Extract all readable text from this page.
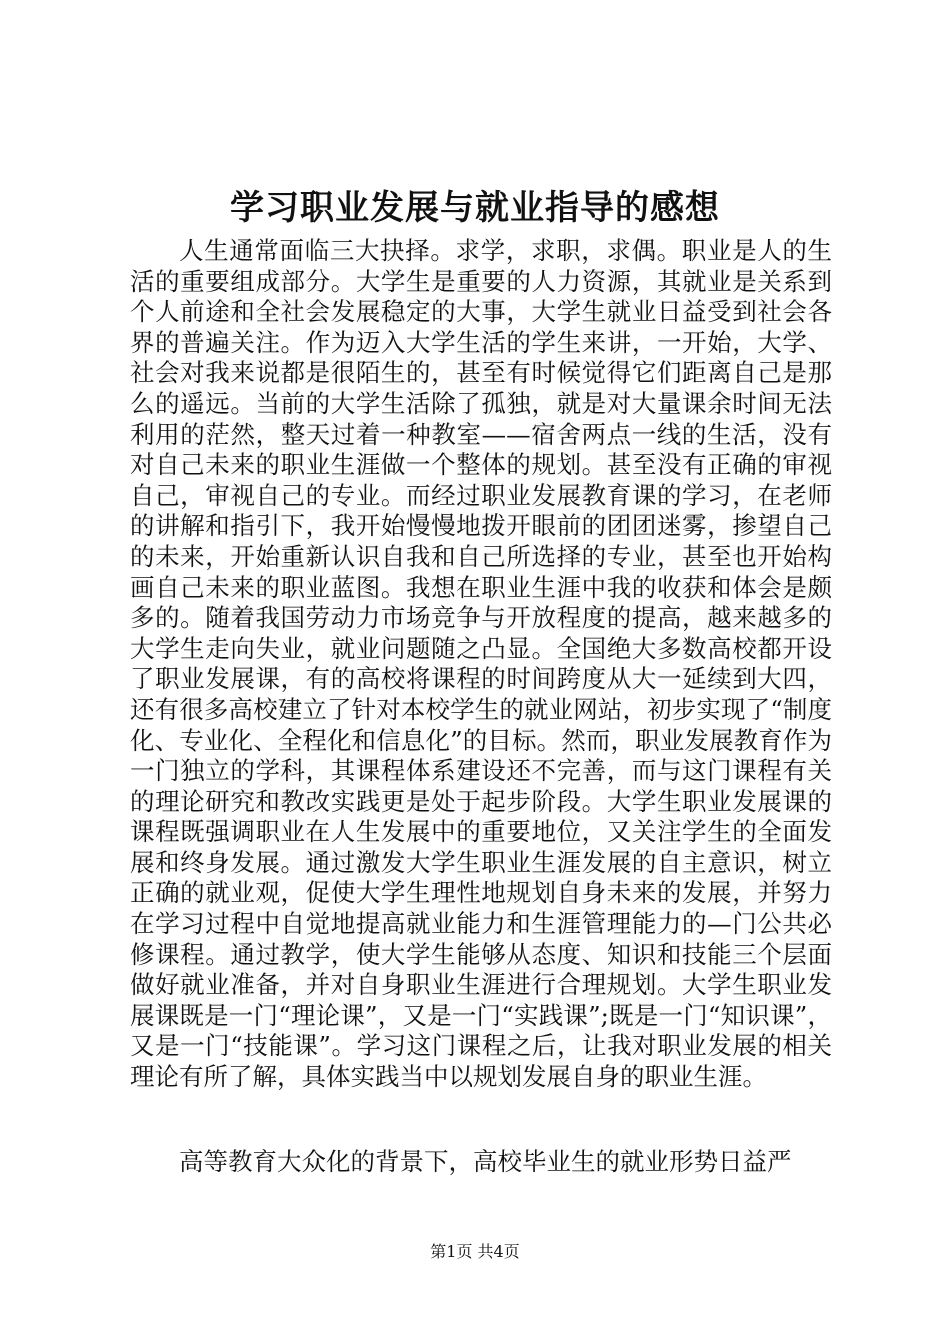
学习职业发展与就业指导的感想

人生通常面临三大抉择。求学，求职，求偶。职业是人的生活的重要组成部分。大学生是重要的人力资源，其就业是关系到个人前途和全社会发展稳定的大事，大学生就业日益受到社会各界的普遍关注。作为迈入大学生活的学生来讲，一开始，大学、社会对我来说都是很陌生的，甚至有时候觉得它们距离自己是那么的遥远。当前的大学生活除了孤独，就是对大量课余时间无法利用的茫然，整天过着一种教室——宿舍两点一线的生活，没有对自己未来的职业生涯做一个整体的规划。甚至没有正确的审视自己，审视自己的专业。而经过职业发展教育课的学习，在老师的讲解和指引下，我开始慢慢地拨开眼前的团团迷雾，掺望自己的未来，开始重新认识自我和自己所选择的专业，甚至也开始构画自己未来的职业蓝图。我想在职业生涯中我的收获和体会是颇多的。随着我国劳动力市场竞争与开放程度的提高，越来越多的大学生走向失业，就业问题随之凸显。全国绝大多数高校都开设了职业发展课，有的高校将课程的时间跨度从大一延续到大四，还有很多高校建立了针对本校学生的就业网站，初步实现了“制度化、专业化、全程化和信息化”的目标。然而，职业发展教育作为一门独立的学科，其课程体系建设还不完善，而与这门课程有关的理论研究和教改实践更是处于起步阶段。大学生职业发展课的课程既强调职业在人生发展中的重要地位，又关注学生的全面发展和终身发展。通过激发大学生职业生涯发展的自主意识，树立正确的就业观，促使大学生理性地规划自身未来的发展，并努力在学习过程中自觉地提高就业能力和生涯管理能力的—门公共必修课程。通过教学，使大学生能够从态度、知识和技能三个层面做好就业准备，并对自身职业生涯进行合理规划。大学生职业发展课既是一门“理论课”，又是一门“实践课”;既是一门“知识课”，又是一门“技能课”。学习这门课程之后，让我对职业发展的相关理论有所了解，具体实践当中以规划发展自身的职业生涯。

高等教育大众化的背景下，高校毕业生的就业形势日益严

第1页 共4页
